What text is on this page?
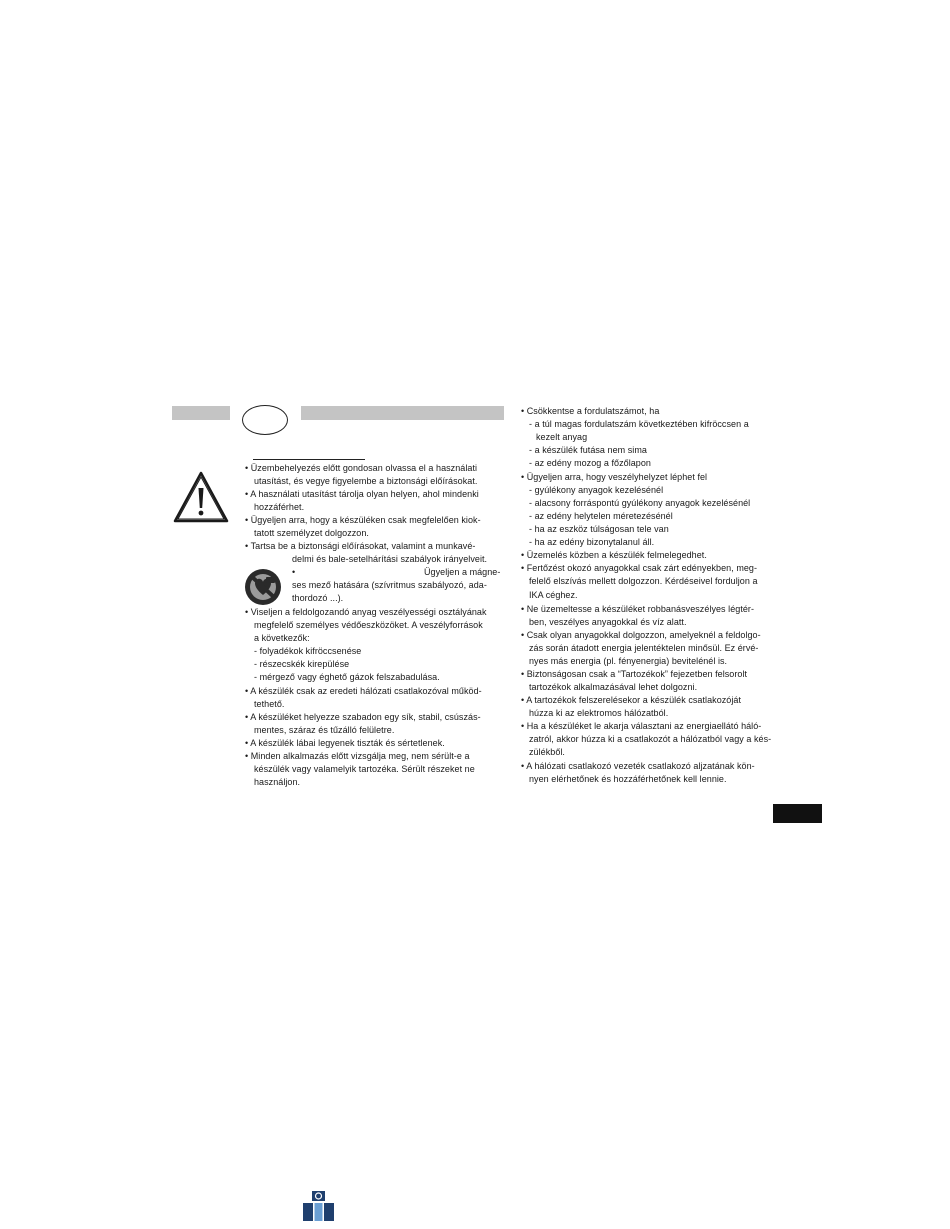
• Üzembehelyezés előtt gondosan olvassa el a használati
utasítást, és vegye figyelembe a biztonsági előírásokat.
• A használati utasítást tárolja olyan helyen, ahol mindenki
hozzáférhet.
• Ügyeljen arra, hogy a készüléken csak megfelelően kiok-
tatott személyzet dolgozzon.
• Tartsa be a biztonsági előírásokat, valamint a munkavé-
delmi és bale-setelhárítási szabályok irányelveit.
•	Ügyeljen a mágne-
ses mező hatására (szívritmus szabályozó, ada-
thordozó ...).
• Viseljen a feldolgozandó anyag veszélyességi osztályának
megfelelő személyes védőeszközöket. A veszélyforrások
a következők:
- folyadékok kifröccsenése
- részecskék kirepülése
- mérgező vagy éghető gázok felszabadulása.
• A készülék csak az eredeti hálózati csatlakozóval működ-
tethető.
• A készüléket helyezze szabadon egy sík, stabil, csúszás-
mentes, száraz és tűzálló felületre.
• A készülék lábai legyenek tiszták és sértetlenek.
• Minden alkalmazás előtt vizsgálja meg, nem sérült-e a
készülék vagy valamelyik tartozéka. Sérült részeket ne
használjon.
• Csökkentse a fordulatszámot, ha
- a túl magas fordulatszám következtében kifröccsen a
kezelt anyag
- a készülék futása nem sima
- az edény mozog a főzőlapon
• Ügyeljen arra, hogy veszélyhelyzet léphet fel
- gyúlékony anyagok kezelésénél
- alacsony forráspontú gyúlékony anyagok kezelésénél
- az edény helytelen méretezésénél
- ha az eszköz túlságosan tele van
- ha az edény bizonytalanul áll.
• Üzemelés közben a készülék felmelegedhet.
• Fertőzést okozó anyagokkal csak zárt edényekben, meg-
felelő elszívás mellett dolgozzon. Kérdéseivel forduljon a
IKA céghez.
• Ne üzemeltesse a készüléket robbanásveszélyes légtér-
ben, veszélyes anyagokkal és víz alatt.
• Csak olyan anyagokkal dolgozzon, amelyeknél a feldolgo-
zás során átadott energia jelentéktelen minősül. Ez érvé-
nyes más energia (pl. fényenergia) bevitelénél is.
• Biztonságosan csak a “Tartozékok” fejezetben felsorolt
tartozékok alkalmazásával lehet dolgozni.
• A tartozékok felszerelésekor a készülék csatlakozóját
húzza ki az elektromos hálózatból.
• Ha a készüléket le akarja választani az energiaellátó háló-
zatról, akkor húzza ki a csatlakozót a hálózatból vagy a kés-
zülékből.
• A hálózati csatlakozó vezeték csatlakozó aljzatának kön-
nyen elérhetőnek és hozzáférhetőnek kell lennie.
